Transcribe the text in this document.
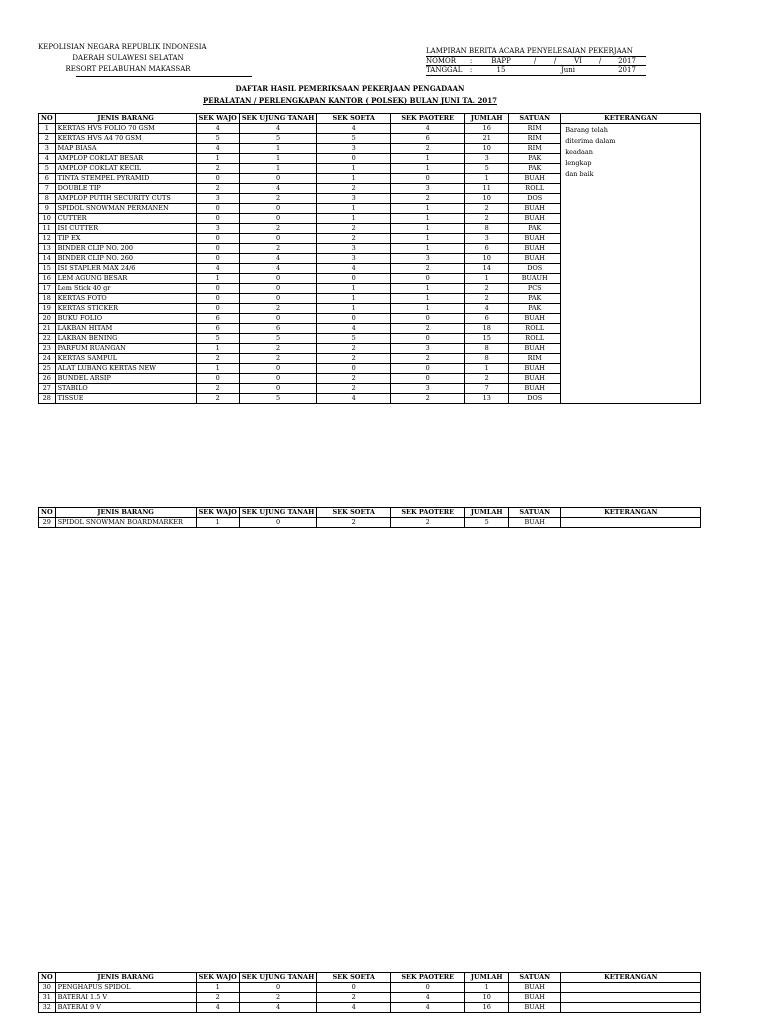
KEPOLISIAN NEGARA REPUBLIK INDONESIA
DAERAH SULAWESI SELATAN
RESORT PELABUHAN MAKASSAR
LAMPIRAN BERITA ACARA PENYELESAIAN PEKERJAAN
NOMOR	:	BAPP	/	/	VI	/	2017
TANGGAL	:	15	Juni	2017
DAFTAR HASIL PEMERIKSAAN PEKERJAAN PENGADAAN
PERALATAN / PERLENGKAPAN KANTOR ( POLSEK) BULAN JUNI TA. 2017
NO	JENIS BARANG	SEK WAJO	SEK UJUNG TANAH	SEK SOETA	SEK PAOTERE	JUMLAH	SATUAN	KETERANGAN
1	KERTAS HVS FOLIO 70 GSM	4	4	4	4	16	RIM	Barang telah
diterima dalam
keadaan
lengkap
dan baik

2	KERTAS HVS A4 70 GSM	5	5	5	6	21	RIM	
3	MAP BIASA	4	1	3	2	10	RIM	
4	AMPLOP COKLAT BESAR	1	1	0	1	3	PAK	
5	AMPLOP COKLAT KECIL	2	1	1	1	5	PAK	
6	TINTA STEMPEL PYRAMID	0	0	1	0	1	BUAH	
7	DOUBLE TIP	2	4	2	3	11	ROLL	
8	AMPLOP PUTIH SECURITY CUTS	3	2	3	2	10	DOS	
9	SPIDOL SNOWMAN PERMANEN	0	0	1	1	2	BUAH	
10	CUTTER	0	0	1	1	2	BUAH	
11	ISI CUTTER	3	2	2	1	8	PAK	
12	TIP EX	0	0	2	1	3	BUAH	
13	BINDER CLIP NO. 200	0	2	3	1	6	BUAH	
14	BINDER CLIP NO. 260	0	4	3	3	10	BUAH	
15	ISI STAPLER MAX 24/6	4	4	4	2	14	DOS	
16	LEM AGUNG BESAR	1	0	0	0	1	BUAUH	
17	Lem Stick 40 gr	0	0	1	1	2	PCS	
18	KERTAS FOTO	0	0	1	1	2	PAK	
19	KERTAS STICKER	0	2	1	1	4	PAK	
20	BUKU FOLIO	6	0	0	0	6	BUAH	
21	LAKBAN HITAM	6	6	4	2	18	ROLL	
22	LAKBAN BENING	5	5	5	0	15	ROLL	
23	PARFUM RUANGAN	1	2	2	3	8	BUAH	
24	KERTAS SAMPUL	2	2	2	2	8	RIM	
25	ALAT LUBANG KERTAS NEW	1	0	0	0	1	BUAH	
26	BUNDEL ARSIP	0	0	2	0	2	BUAH	
27	STABILO	2	0	2	3	7	BUAH	
28	TISSUE	2	5	4	2	13	DOS	
NO	JENIS BARANG	SEK WAJO	SEK UJUNG TANAH	SEK SOETA	SEK PAOTERE	JUMLAH	SATUAN	KETERANGAN
29	SPIDOL SNOWMAN BOARDMARKER	1	0	2	2	5	BUAH	
NO	JENIS BARANG	SEK WAJO	SEK UJUNG TANAH	SEK SOETA	SEK PAOTERE	JUMLAH	SATUAN	KETERANGAN
30	PENGHAPUS SPIDOL	1	0	0	0	1	BUAH	
31	BATERAI 1.5 V	2	2	2	4	10	BUAH	
32	BATERAI 9 V	4	4	4	4	16	BUAH	
